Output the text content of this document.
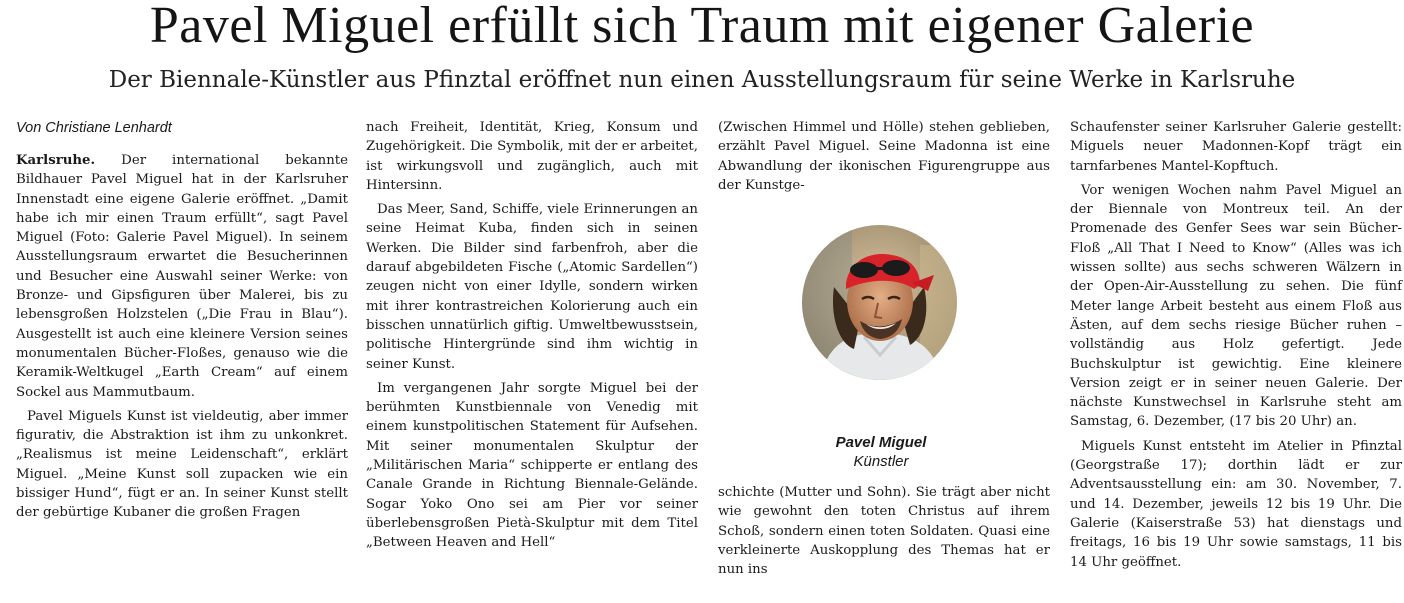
Pavel Miguel erfüllt sich Traum mit eigener Galerie
Der Biennale-Künstler aus Pfinztal eröffnet nun einen Ausstellungsraum für seine Werke in Karlsruhe
Von Christiane Lenhardt

Karlsruhe. Der international bekannte Bildhauer Pavel Miguel hat in der Karlsruher Innenstadt eine eigene Galerie eröffnet. „Damit habe ich mir einen Traum erfüllt“, sagt Pavel Miguel (Foto: Galerie Pavel Miguel). In seinem Ausstellungsraum erwartet die Besucherinnen und Besucher eine Auswahl seiner Werke: von Bronze- und Gipsfiguren über Malerei, bis zu lebensgroßen Holzstelen („Die Frau in Blau“). Ausgestellt ist auch eine kleinere Version seines monumentalen Bücher-Floßes, genauso wie die Keramik-Weltkugel „Earth Cream“ auf einem Sockel aus Mammutbaum.

Pavel Miguels Kunst ist vieldeutig, aber immer figurativ, die Abstraktion ist ihm zu unkonkret. „Realismus ist meine Leidenschaft“, erklärt Miguel. „Meine Kunst soll zupacken wie ein bissiger Hund“, fügt er an. In seiner Kunst stellt der gebürtige Kubaner die großen Fragen

nach Freiheit, Identität, Krieg, Konsum und Zugehörigkeit. Die Symbolik, mit der er arbeitet, ist wirkungsvoll und zugänglich, auch mit Hintersinn.

Das Meer, Sand, Schiffe, viele Erinnerungen an seine Heimat Kuba, finden sich in seinen Werken. Die Bilder sind farbenfroh, aber die darauf abgebildeten Fische („Atomic Sardellen“) zeugen nicht von einer Idylle, sondern wirken mit ihrer kontrastreichen Kolorierung auch ein bisschen unnatürlich giftig. Umweltbewusstsein, politische Hintergründe sind ihm wichtig in seiner Kunst.

Im vergangenen Jahr sorgte Miguel bei der berühmten Kunstbiennale von Venedig mit einem kunstpolitischen Statement für Aufsehen. Mit seiner monumentalen Skulptur der „Militärischen Maria“ schipperte er entlang des Canale Grande in Richtung Biennale-Gelände. Sogar Yoko Ono sei am Pier vor seiner überlebensgroßen Pietà-Skulptur mit dem Titel „Between Heaven and Hell“

(Zwischen Himmel und Hölle) stehen geblieben, erzählt Pavel Miguel. Seine Madonna ist eine Abwandlung der ikonischen Figurengruppe aus der Kunstge-

Pavel Miguel
Künstler

schichte (Mutter und Sohn). Sie trägt aber nicht wie gewohnt den toten Christus auf ihrem Schoß, sondern einen toten Soldaten. Quasi eine verkleinerte Auskopplung des Themas hat er nun ins

Schaufenster seiner Karlsruher Galerie gestellt: Miguels neuer Madonnen-Kopf trägt ein tarnfarbenes Mantel-Kopftuch.

Vor wenigen Wochen nahm Pavel Miguel an der Biennale von Montreux teil. An der Promenade des Genfer Sees war sein Bücher-Floß „All That I Need to Know“ (Alles was ich wissen sollte) aus sechs schweren Wälzern in der Open-Air-Ausstellung zu sehen. Die fünf Meter lange Arbeit besteht aus einem Floß aus Ästen, auf dem sechs riesige Bücher ruhen – vollständig aus Holz gefertigt. Jede Buchskulptur ist gewichtig. Eine kleinere Version zeigt er in seiner neuen Galerie. Der nächste Kunstwechsel in Karlsruhe steht am Samstag, 6. Dezember, (17 bis 20 Uhr) an.

Miguels Kunst entsteht im Atelier in Pfinztal (Georgstraße 17); dorthin lädt er zur Adventsausstellung ein: am 30. November, 7. und 14. Dezember, jeweils 12 bis 19 Uhr. Die Galerie (Kaiserstraße 53) hat dienstags und freitags, 16 bis 19 Uhr sowie samstags, 11 bis 14 Uhr geöffnet.
